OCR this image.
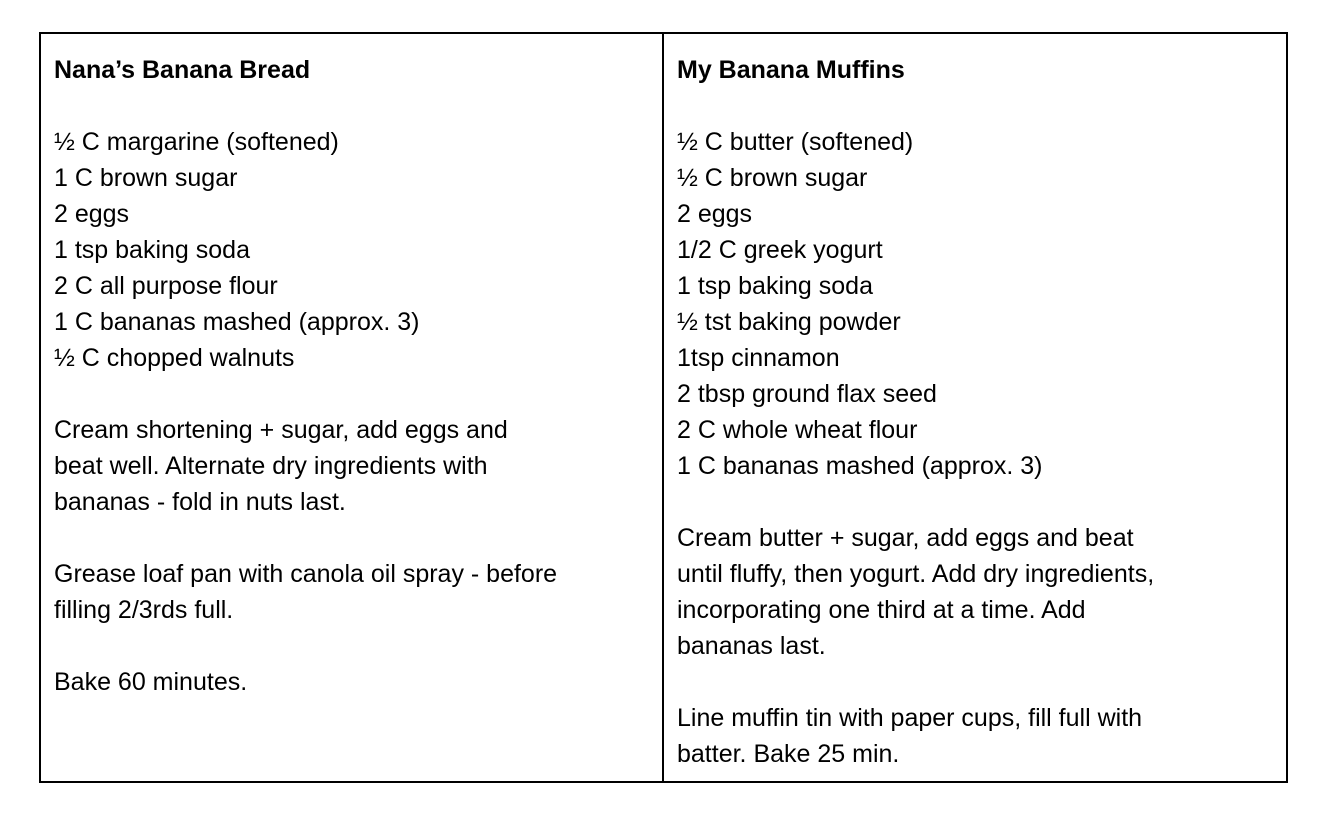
Nana’s Banana Bread

½ C margarine (softened)

1 C brown sugar

2 eggs

1 tsp baking soda

2 C all purpose flour

1 C bananas mashed (approx. 3)

½ C chopped walnuts

Cream shortening + sugar, add eggs and

beat well. Alternate dry ingredients with

bananas - fold in nuts last.

Grease loaf pan with canola oil spray - before

filling 2/3rds full.

Bake 60 minutes.

My Banana Muffins

½ C butter (softened)

½ C brown sugar

2 eggs

1/2 C greek yogurt

1 tsp baking soda

½ tst baking powder

1tsp cinnamon

2 tbsp ground flax seed

2 C whole wheat flour

1 C bananas mashed (approx. 3)

Cream butter + sugar, add eggs and beat

until fluffy, then yogurt. Add dry ingredients,

incorporating one third at a time. Add

bananas last.

Line muffin tin with paper cups, fill full with

batter. Bake 25 min.
